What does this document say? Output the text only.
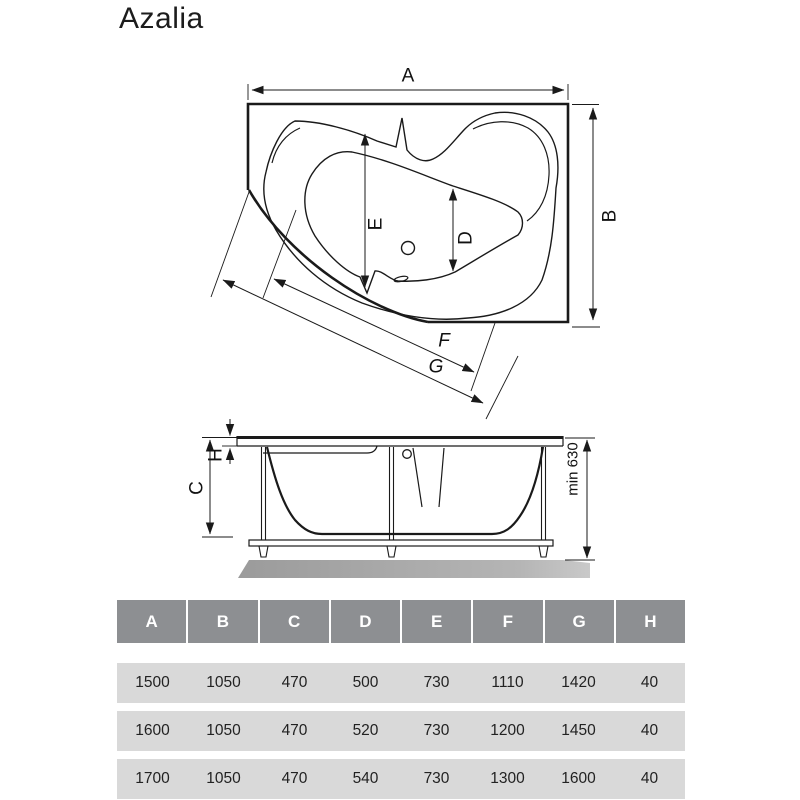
Azalia
A
B
E
D
F
G
C
H	min 630
A	B	C	D	E	F	G	H
1500	1050	470	500	730	1110	1420	40
1600	1050	470	520	730	1200	1450	40
1700	1050	470	540	730	1300	1600	40
